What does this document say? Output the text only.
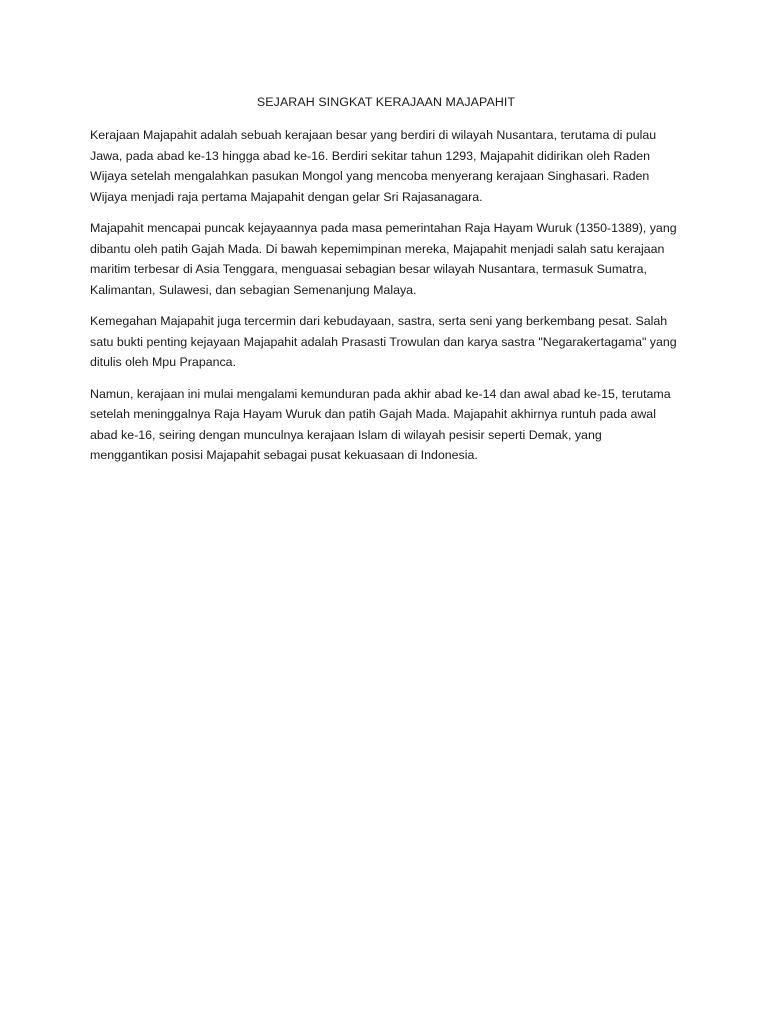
SEJARAH SINGKAT KERAJAAN MAJAPAHIT

Kerajaan Majapahit adalah sebuah kerajaan besar yang berdiri di wilayah Nusantara, terutama di pulau Jawa, pada abad ke-13 hingga abad ke-16. Berdiri sekitar tahun 1293, Majapahit didirikan oleh Raden Wijaya setelah mengalahkan pasukan Mongol yang mencoba menyerang kerajaan Singhasari. Raden Wijaya menjadi raja pertama Majapahit dengan gelar Sri Rajasanagara.

Majapahit mencapai puncak kejayaannya pada masa pemerintahan Raja Hayam Wuruk (1350-1389), yang dibantu oleh patih Gajah Mada. Di bawah kepemimpinan mereka, Majapahit menjadi salah satu kerajaan maritim terbesar di Asia Tenggara, menguasai sebagian besar wilayah Nusantara, termasuk Sumatra, Kalimantan, Sulawesi, dan sebagian Semenanjung Malaya.

Kemegahan Majapahit juga tercermin dari kebudayaan, sastra, serta seni yang berkembang pesat. Salah satu bukti penting kejayaan Majapahit adalah Prasasti Trowulan dan karya sastra "Negarakertagama" yang ditulis oleh Mpu Prapanca.

Namun, kerajaan ini mulai mengalami kemunduran pada akhir abad ke-14 dan awal abad ke-15, terutama setelah meninggalnya Raja Hayam Wuruk dan patih Gajah Mada. Majapahit akhirnya runtuh pada awal abad ke-16, seiring dengan munculnya kerajaan Islam di wilayah pesisir seperti Demak, yang menggantikan posisi Majapahit sebagai pusat kekuasaan di Indonesia.
